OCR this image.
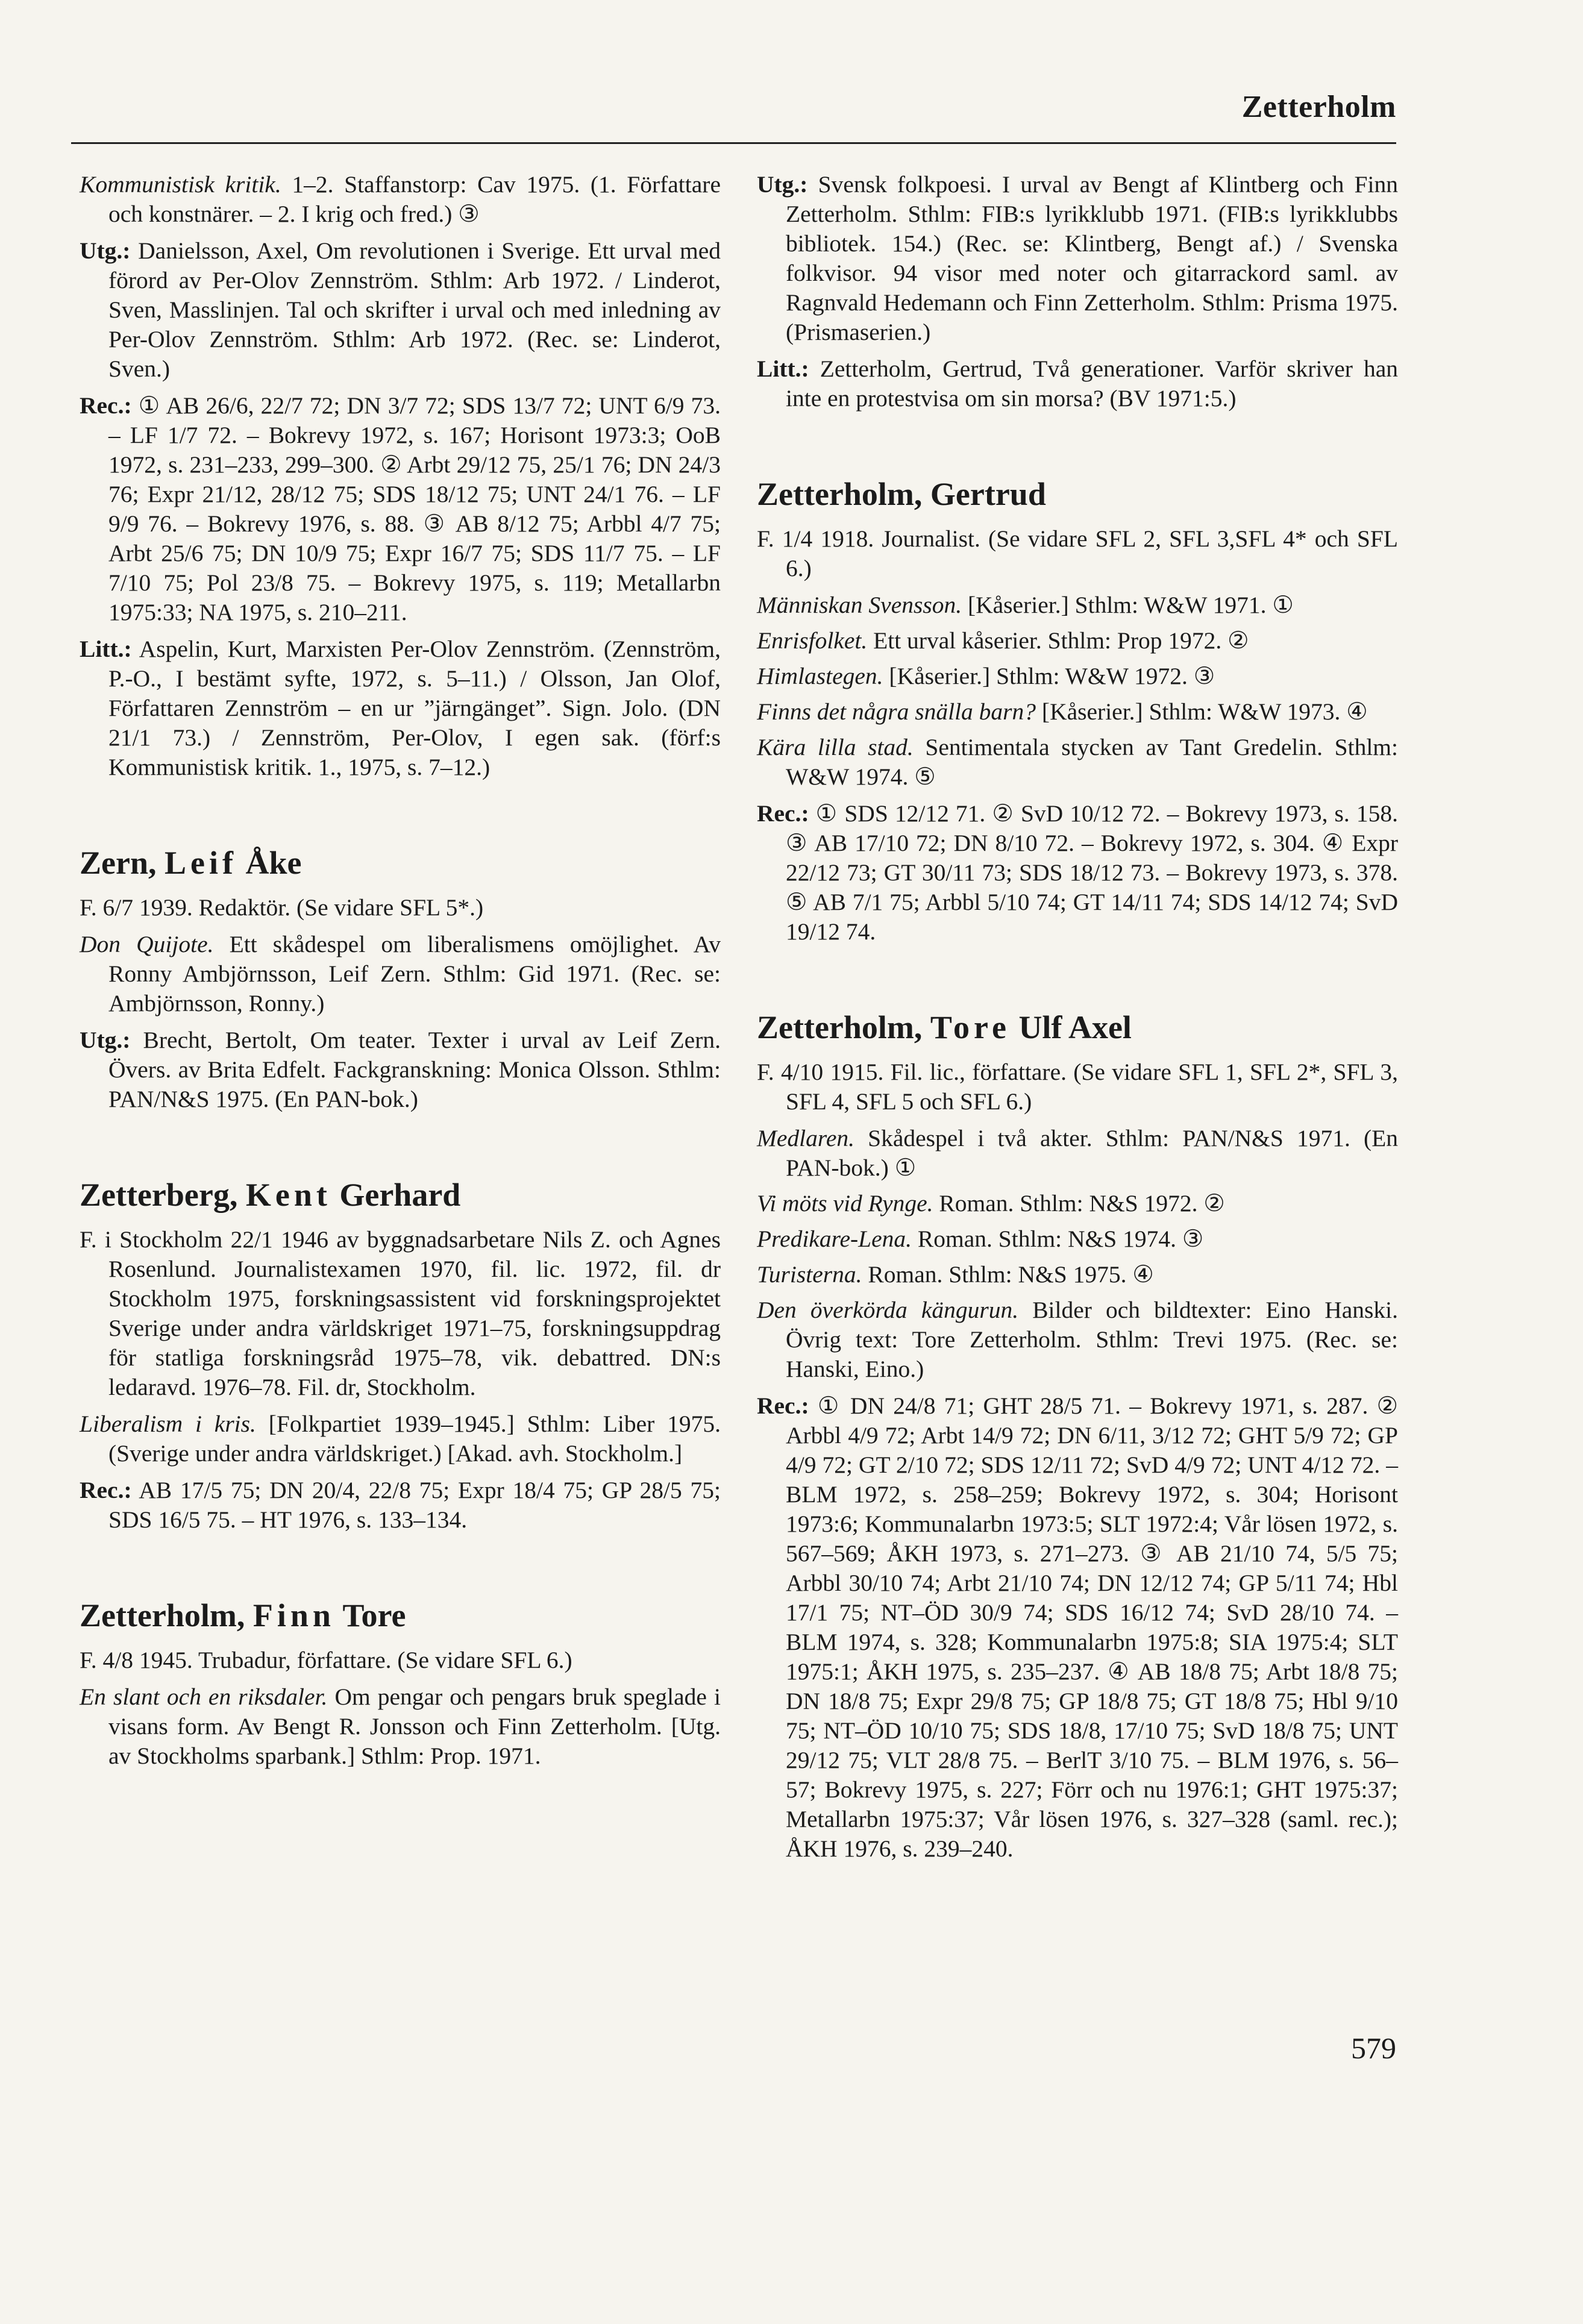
Zetterholm

Kommunistisk kritik. 1–2. Staffanstorp: Cav 1975. (1. Författare och konstnärer. – 2. I krig och fred.) ③

Utg.: Danielsson, Axel, Om revolutionen i Sverige. Ett urval med förord av Per-Olov Zennström. Sthlm: Arb 1972. / Linderot, Sven, Masslinjen. Tal och skrifter i urval och med inledning av Per-Olov Zennström. Sthlm: Arb 1972. (Rec. se: Linderot, Sven.)

Rec.: ① AB 26/6, 22/7 72; DN 3/7 72; SDS 13/7 72; UNT 6/9 73. – LF 1/7 72. – Bokrevy 1972, s. 167; Horisont 1973:3; OoB 1972, s. 231–233, 299–300. ② Arbt 29/12 75, 25/1 76; DN 24/3 76; Expr 21/12, 28/12 75; SDS 18/12 75; UNT 24/1 76. – LF 9/9 76. – Bokrevy 1976, s. 88. ③ AB 8/12 75; Arbbl 4/7 75; Arbt 25/6 75; DN 10/9 75; Expr 16/7 75; SDS 11/7 75. – LF 7/10 75; Pol 23/8 75. – Bokrevy 1975, s. 119; Metallarbn 1975:33; NA 1975, s. 210–211.

Litt.: Aspelin, Kurt, Marxisten Per-Olov Zennström. (Zennström, P.-O., I bestämt syfte, 1972, s. 5–11.) / Olsson, Jan Olof, Författaren Zennström – en ur ”järngänget”. Sign. Jolo. (DN 21/1 73.) / Zennström, Per-Olov, I egen sak. (förf:s Kommunistisk kritik. 1., 1975, s. 7–12.)

Zern, Leif Åke

F. 6/7 1939. Redaktör. (Se vidare SFL 5*.)

Don Quijote. Ett skådespel om liberalismens omöjlighet. Av Ronny Ambjörnsson, Leif Zern. Sthlm: Gid 1971. (Rec. se: Ambjörnsson, Ronny.)

Utg.: Brecht, Bertolt, Om teater. Texter i urval av Leif Zern. Övers. av Brita Edfelt. Fackgranskning: Monica Olsson. Sthlm: PAN/N&S 1975. (En PAN-bok.)

Zetterberg, Kent Gerhard

F. i Stockholm 22/1 1946 av byggnadsarbetare Nils Z. och Agnes Rosenlund. Journalistexamen 1970, fil. lic. 1972, fil. dr Stockholm 1975, forskningsassistent vid forskningsprojektet Sverige under andra världskriget 1971–75, forskningsuppdrag för statliga forskningsråd 1975–78, vik. debattred. DN:s ledaravd. 1976–78. Fil. dr, Stockholm.

Liberalism i kris. [Folkpartiet 1939–1945.] Sthlm: Liber 1975. (Sverige under andra världskriget.) [Akad. avh. Stockholm.]

Rec.: AB 17/5 75; DN 20/4, 22/8 75; Expr 18/4 75; GP 28/5 75; SDS 16/5 75. – HT 1976, s. 133–134.

Zetterholm, Finn Tore

F. 4/8 1945. Trubadur, författare. (Se vidare SFL 6.)

En slant och en riksdaler. Om pengar och pengars bruk speglade i visans form. Av Bengt R. Jonsson och Finn Zetterholm. [Utg. av Stockholms sparbank.] Sthlm: Prop. 1971.

Utg.: Svensk folkpoesi. I urval av Bengt af Klintberg och Finn Zetterholm. Sthlm: FIB:s lyrikklubb 1971. (FIB:s lyrikklubbs bibliotek. 154.) (Rec. se: Klintberg, Bengt af.) / Svenska folkvisor. 94 visor med noter och gitarrackord saml. av Ragnvald Hedemann och Finn Zetterholm. Sthlm: Prisma 1975. (Prismaserien.)

Litt.: Zetterholm, Gertrud, Två generationer. Varför skriver han inte en protestvisa om sin morsa? (BV 1971:5.)

Zetterholm, Gertrud

F. 1/4 1918. Journalist. (Se vidare SFL 2, SFL 3,SFL 4* och SFL 6.)

Människan Svensson. [Kåserier.] Sthlm: W&W 1971. ①

Enrisfolket. Ett urval kåserier. Sthlm: Prop 1972. ②

Himlastegen. [Kåserier.] Sthlm: W&W 1972. ③

Finns det några snälla barn? [Kåserier.] Sthlm: W&W 1973. ④

Kära lilla stad. Sentimentala stycken av Tant Gredelin. Sthlm: W&W 1974. ⑤

Rec.: ① SDS 12/12 71. ② SvD 10/12 72. – Bokrevy 1973, s. 158. ③ AB 17/10 72; DN 8/10 72. – Bokrevy 1972, s. 304. ④ Expr 22/12 73; GT 30/11 73; SDS 18/12 73. – Bokrevy 1973, s. 378. ⑤ AB 7/1 75; Arbbl 5/10 74; GT 14/11 74; SDS 14/12 74; SvD 19/12 74.

Zetterholm, Tore Ulf Axel

F. 4/10 1915. Fil. lic., författare. (Se vidare SFL 1, SFL 2*, SFL 3, SFL 4, SFL 5 och SFL 6.)

Medlaren. Skådespel i två akter. Sthlm: PAN/N&S 1971. (En PAN-bok.) ①

Vi möts vid Rynge. Roman. Sthlm: N&S 1972. ②

Predikare-Lena. Roman. Sthlm: N&S 1974. ③

Turisterna. Roman. Sthlm: N&S 1975. ④

Den överkörda kängurun. Bilder och bildtexter: Eino Hanski. Övrig text: Tore Zetterholm. Sthlm: Trevi 1975. (Rec. se: Hanski, Eino.)

Rec.: ① DN 24/8 71; GHT 28/5 71. – Bokrevy 1971, s. 287. ② Arbbl 4/9 72; Arbt 14/9 72; DN 6/11, 3/12 72; GHT 5/9 72; GP 4/9 72; GT 2/10 72; SDS 12/11 72; SvD 4/9 72; UNT 4/12 72. – BLM 1972, s. 258–259; Bokrevy 1972, s. 304; Horisont 1973:6; Kommunalarbn 1973:5; SLT 1972:4; Vår lösen 1972, s. 567–569; ÅKH 1973, s. 271–273. ③ AB 21/10 74, 5/5 75; Arbbl 30/10 74; Arbt 21/10 74; DN 12/12 74; GP 5/11 74; Hbl 17/1 75; NT–ÖD 30/9 74; SDS 16/12 74; SvD 28/10 74. – BLM 1974, s. 328; Kommunalarbn 1975:8; SIA 1975:4; SLT 1975:1; ÅKH 1975, s. 235–237. ④ AB 18/8 75; Arbt 18/8 75; DN 18/8 75; Expr 29/8 75; GP 18/8 75; GT 18/8 75; Hbl 9/10 75; NT–ÖD 10/10 75; SDS 18/8, 17/10 75; SvD 18/8 75; UNT 29/12 75; VLT 28/8 75. – BerlT 3/10 75. – BLM 1976, s. 56–57; Bokrevy 1975, s. 227; Förr och nu 1976:1; GHT 1975:37; Metallarbn 1975:37; Vår lösen 1976, s. 327–328 (saml. rec.); ÅKH 1976, s. 239–240.

579
